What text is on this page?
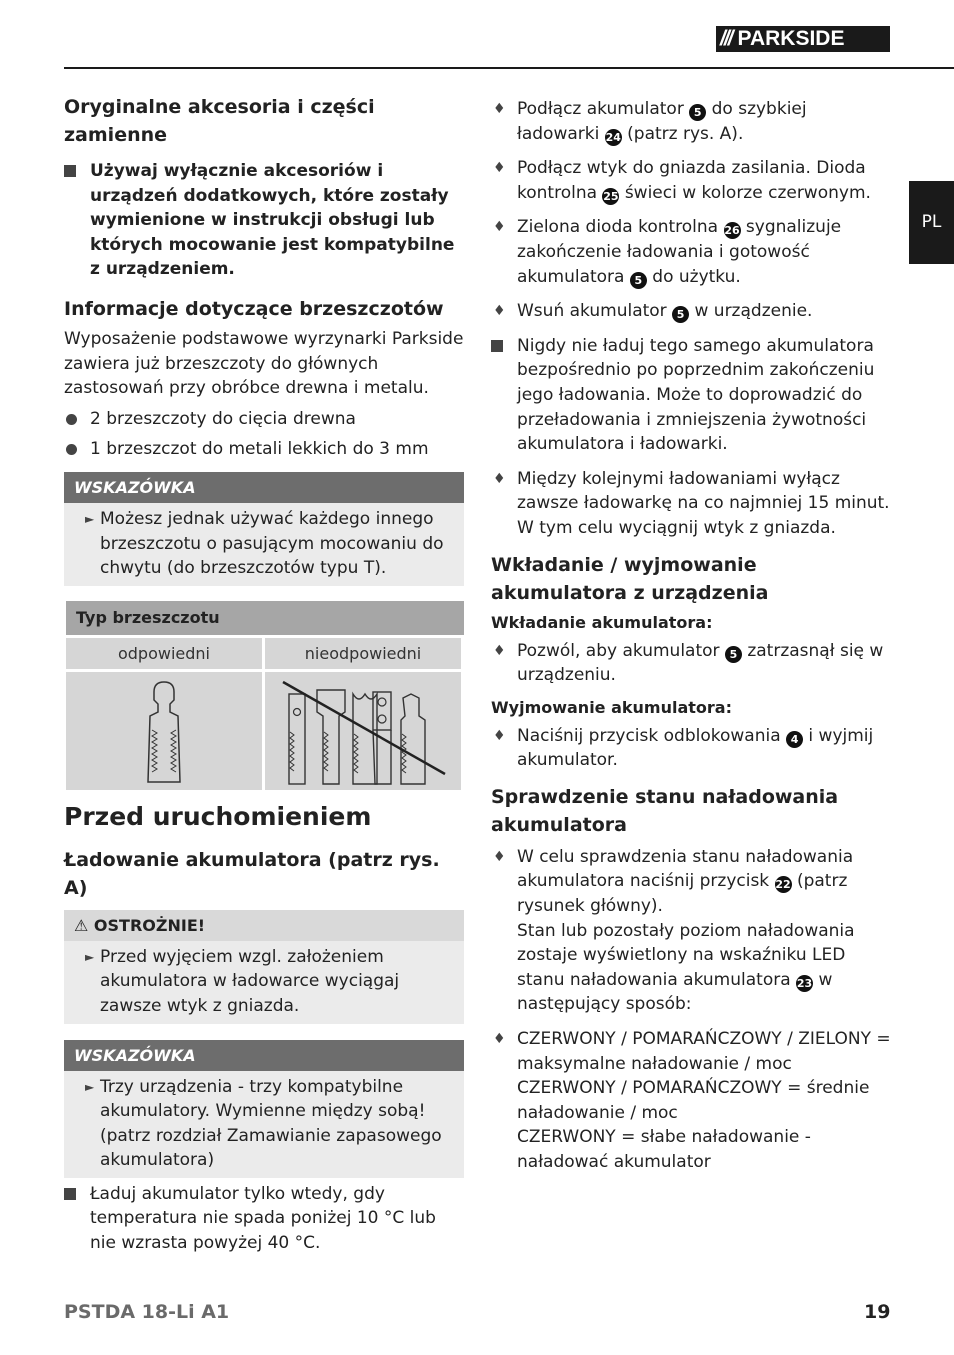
/// PARKSIDE
PL
Oryginalne akcesoria i części zamienne
Używaj wyłącznie akcesoriów i urządzeń dodatkowych, które zostały wymienione w instrukcji obsługi lub których mocowanie jest kompatybilne z urządzeniem.
Informacje dotyczące brzeszczotów

Wyposażenie podstawowe wyrzynarki Parkside zawiera już brzeszczoty do głównych zastosowań przy obróbce drewna i metalu.

2 brzeszczoty do cięcia drewna
1 brzeszczot do metali lekkich do 3 mm
WSKAZÓWKA
► Możesz jednak używać każdego innego brzeszczotu o pasującym mocowaniu do chwytu (do brzeszczotów typu T).
Typ brzeszczotu
odpowiedni	nieodpowiedni
Przed uruchomieniem
Ładowanie akumulatora (patrz rys. A)
⚠ OSTROŻNIE!
► Przed wyjęciem wzgl. założeniem akumulatora w ładowarce wyciągaj zawsze wtyk z gniazda.
WSKAZÓWKA
► Trzy urządzenia - trzy kompatybilne akumulatory. Wymienne między sobą! (patrz rozdział Zamawianie zapasowego akumulatora)
Ładuj akumulator tylko wtedy, gdy temperatura nie spada poniżej 10 °C lub nie wzrasta powyżej 40 °C.
♦ Podłącz akumulator 5 do szybkiej ładowarki 24 (patrz rys. A).
♦ Podłącz wtyk do gniazda zasilania. Dioda kontrolna 25 świeci w kolorze czerwonym.
♦ Zielona dioda kontrolna 26 sygnalizuje zakończenie ładowania i gotowość akumulatora 5 do użytku.
♦ Wsuń akumulator 5 w urządzenie.
Nigdy nie ładuj tego samego akumulatora bezpośrednio po poprzednim zakończeniu jego ładowania. Może to doprowadzić do przeładowania i zmniejszenia żywotności akumulatora i ładowarki.
♦ Między kolejnymi ładowaniami wyłącz zawsze ładowarkę na co najmniej 15 minut.
W tym celu wyciągnij wtyk z gniazda.
Wkładanie / wyjmowanie akumulatora z urządzenia
Wkładanie akumulatora:
♦ Pozwól, aby akumulator 5 zatrzasnął się w urządzeniu.
Wyjmowanie akumulatora:
♦ Naciśnij przycisk odblokowania 4 i wyjmij akumulator.
Sprawdzenie stanu naładowania akumulatora
♦ W celu sprawdzenia stanu naładowania akumulatora naciśnij przycisk 22 (patrz rysunek główny).
Stan lub pozostały poziom naładowania zostaje wyświetlony na wskaźniku LED stanu naładowania akumulatora 23 w następujący sposób:
♦ CZERWONY / POMARAŃCZOWY / ZIELONY = maksymalne naładowanie / moc
CZERWONY / POMARAŃCZOWY = średnie naładowanie / moc
CZERWONY = słabe naładowanie - naładować akumulator
PSTDA 18-Li A1	19
